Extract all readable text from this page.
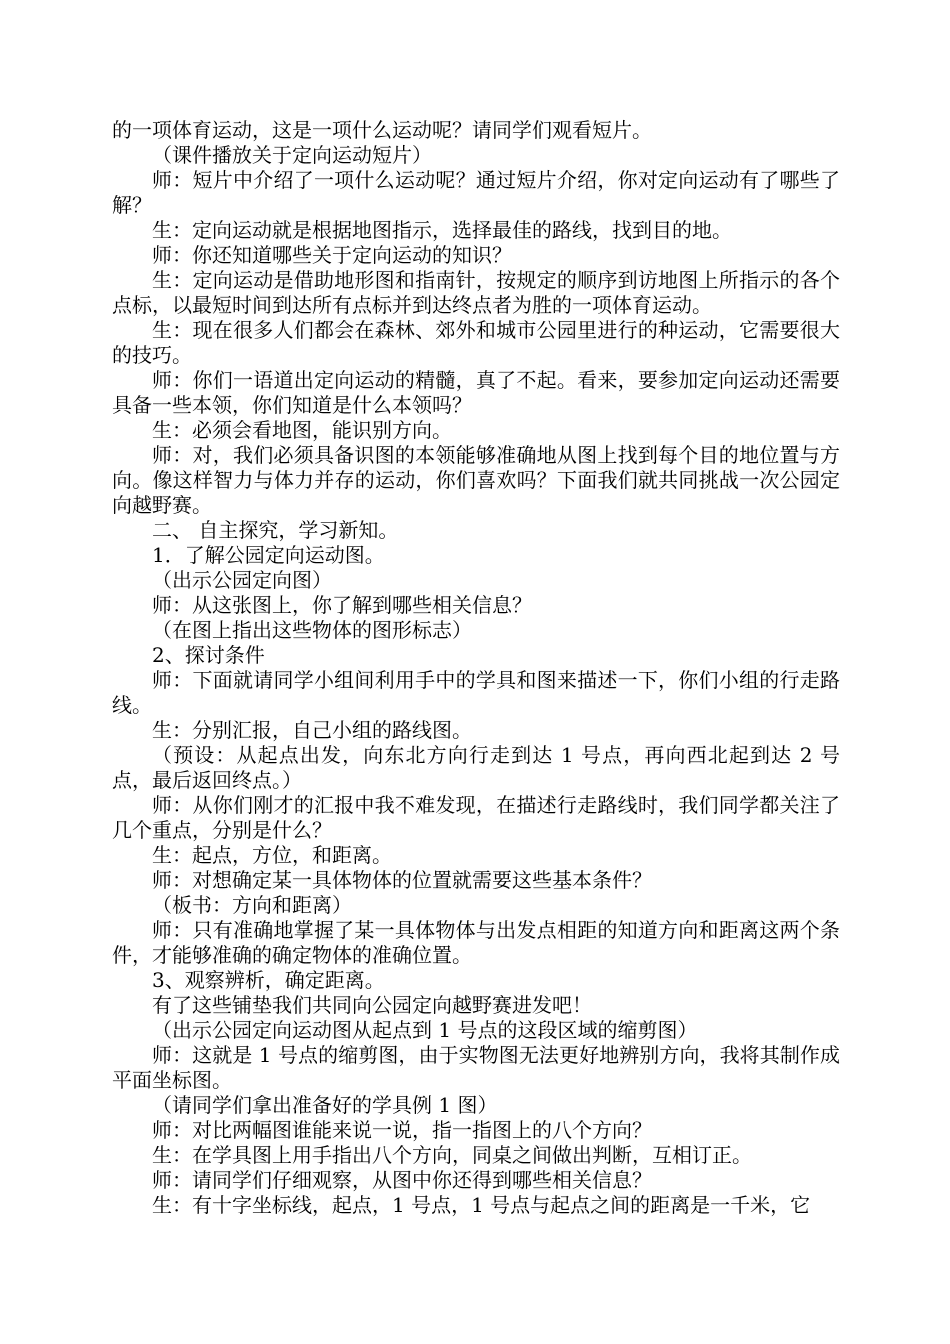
的一项体育运动，这是一项什么运动呢？请同学们观看短片。

（课件播放关于定向运动短片）

师：短片中介绍了一项什么运动呢？通过短片介绍，你对定向运动有了哪些了解？

生：定向运动就是根据地图指示，选择最佳的路线，找到目的地。

师：你还知道哪些关于定向运动的知识？

生：定向运动是借助地形图和指南针，按规定的顺序到访地图上所指示的各个点标，以最短时间到达所有点标并到达终点者为胜的一项体育运动。

生：现在很多人们都会在森林、郊外和城市公园里进行的种运动，它需要很大的技巧。

师：你们一语道出定向运动的精髓，真了不起。看来，要参加定向运动还需要具备一些本领，你们知道是什么本领吗？

生：必须会看地图，能识别方向。

师：对，我们必须具备识图的本领能够准确地从图上找到每个目的地位置与方向。像这样智力与体力并存的运动，你们喜欢吗？下面我们就共同挑战一次公园定向越野赛。

二、 自主探究，学习新知。

1．了解公园定向运动图。

（出示公园定向图）

师：从这张图上，你了解到哪些相关信息？

（在图上指出这些物体的图形标志）

2、探讨条件

师：下面就请同学小组间利用手中的学具和图来描述一下，你们小组的行走路线。

生：分别汇报，自己小组的路线图。

（预设：从起点出发，向东北方向行走到达 1 号点，再向西北起到达 2 号点，最后返回终点。）

师：从你们刚才的汇报中我不难发现，在描述行走路线时，我们同学都关注了几个重点，分别是什么？

生：起点，方位，和距离。

师：对想确定某一具体物体的位置就需要这些基本条件？

（板书：方向和距离）

师：只有准确地掌握了某一具体物体与出发点相距的知道方向和距离这两个条件，才能够准确的确定物体的准确位置。

3、观察辨析，确定距离。

有了这些铺垫我们共同向公园定向越野赛进发吧！

（出示公园定向运动图从起点到 1 号点的这段区域的缩剪图）

师：这就是 1 号点的缩剪图，由于实物图无法更好地辨别方向，我将其制作成平面坐标图。

（请同学们拿出准备好的学具例 1 图）

师：对比两幅图谁能来说一说，指一指图上的八个方向？

生：在学具图上用手指出八个方向，同桌之间做出判断，互相订正。

师：请同学们仔细观察，从图中你还得到哪些相关信息？

生：有十字坐标线，起点，1 号点，1 号点与起点之间的距离是一千米，它
